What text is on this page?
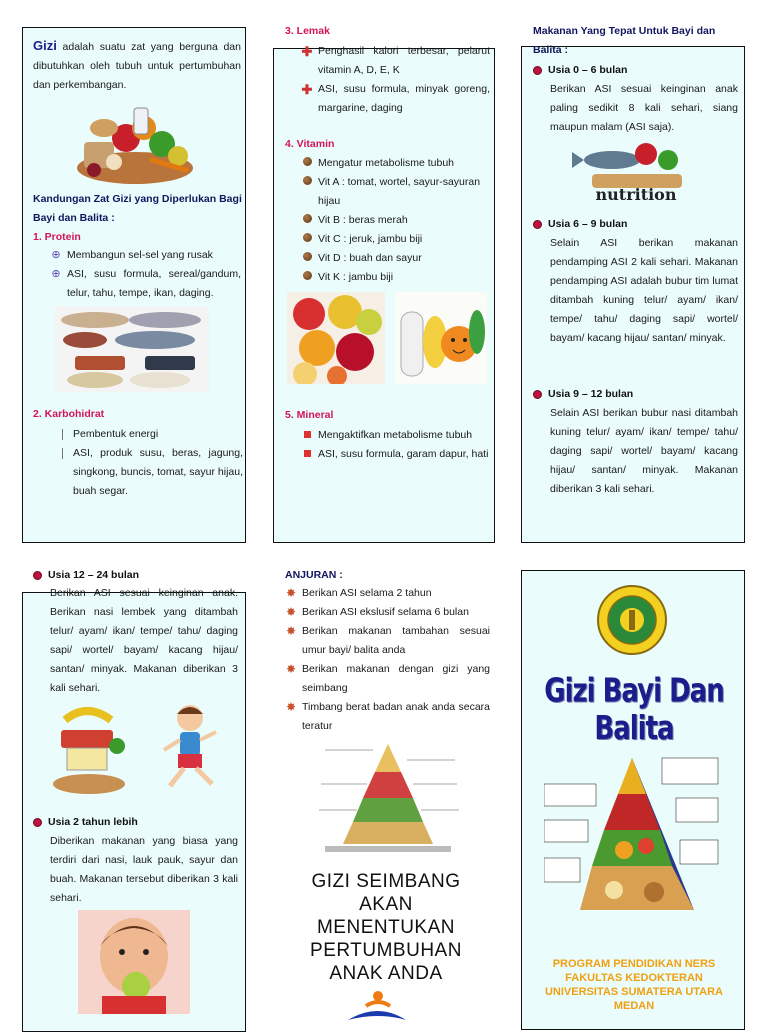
Gizi adalah suatu zat yang berguna dan dibutuhkan oleh tubuh untuk pertumbuhan dan perkembangan.
Kandungan Zat Gizi yang Diperlukan Bagi Bayi dan Balita :
1. Protein
⊕ Membangun sel-sel yang rusak
⊕ ASI, susu formula, sereal/gandum, telur, tahu, tempe, ikan, daging.
2. Karbohidrat
Pembentuk energi
ASI, produk susu, beras, jagung, singkong, buncis, tomat, sayur hijau, buah segar.
3. Lemak
✚ Penghasil kalori terbesar, pelarut vitamin A, D, E, K
✚ ASI, susu formula, minyak goreng, margarine, daging
4. Vitamin
Mengatur metabolisme tubuh
Vit A : tomat, wortel, sayur-sayuran hijau
Vit B : beras merah
Vit C : jeruk, jambu biji
Vit D : buah dan sayur
Vit K : jambu biji
5. Mineral
Mengaktifkan metabolisme tubuh
ASI, susu formula, garam dapur, hati
Makanan Yang Tepat Untuk Bayi dan Balita :
Usia 0 – 6 bulan
Berikan ASI sesuai keinginan anak paling sedikit 8 kali sehari, siang maupun malam (ASI saja).
nutrition
Usia 6 – 9 bulan
Selain ASI berikan makanan pendamping ASI 2 kali sehari. Makanan pendamping ASI adalah bubur tim lumat ditambah kuning telur/ ayam/ ikan/ tempe/ tahu/ daging sapi/ wortel/ bayam/ kacang hijau/ santan/ minyak.
Usia 9 – 12 bulan
Selain ASI berikan bubur nasi ditambah kuning telur/ ayam/ ikan/ tempe/ tahu/ daging sapi/ wortel/ bayam/ kacang hijau/ santan/ minyak. Makanan diberikan 3 kali sehari.
Usia 12 – 24 bulan
Berikan ASI sesuai keinginan anak. Berikan nasi lembek yang ditambah telur/ ayam/ ikan/ tempe/ tahu/ daging sapi/ wortel/ bayam/ kacang hijau/ santan/ minyak. Makanan diberikan 3 kali sehari.
Usia 2 tahun lebih
Diberikan makanan yang biasa yang terdiri dari nasi, lauk pauk, sayur dan buah. Makanan tersebut diberikan 3 kali sehari.
ANJURAN :
✸ Berikan ASI selama 2 tahun
✸ Berikan ASI ekslusif selama 6 bulan
✸ Berikan makanan tambahan sesuai umur bayi/ balita anda
✸ Berikan makanan dengan gizi yang seimbang
✸ Timbang berat badan anak anda secara teratur
GIZI SEIMBANG
AKAN
MENENTUKAN
PERTUMBUHAN
ANAK ANDA
Gizi Bayi Dan Balita
PROGRAM PENDIDIKAN NERS
FAKULTAS KEDOKTERAN
UNIVERSITAS SUMATERA UTARA
MEDAN
